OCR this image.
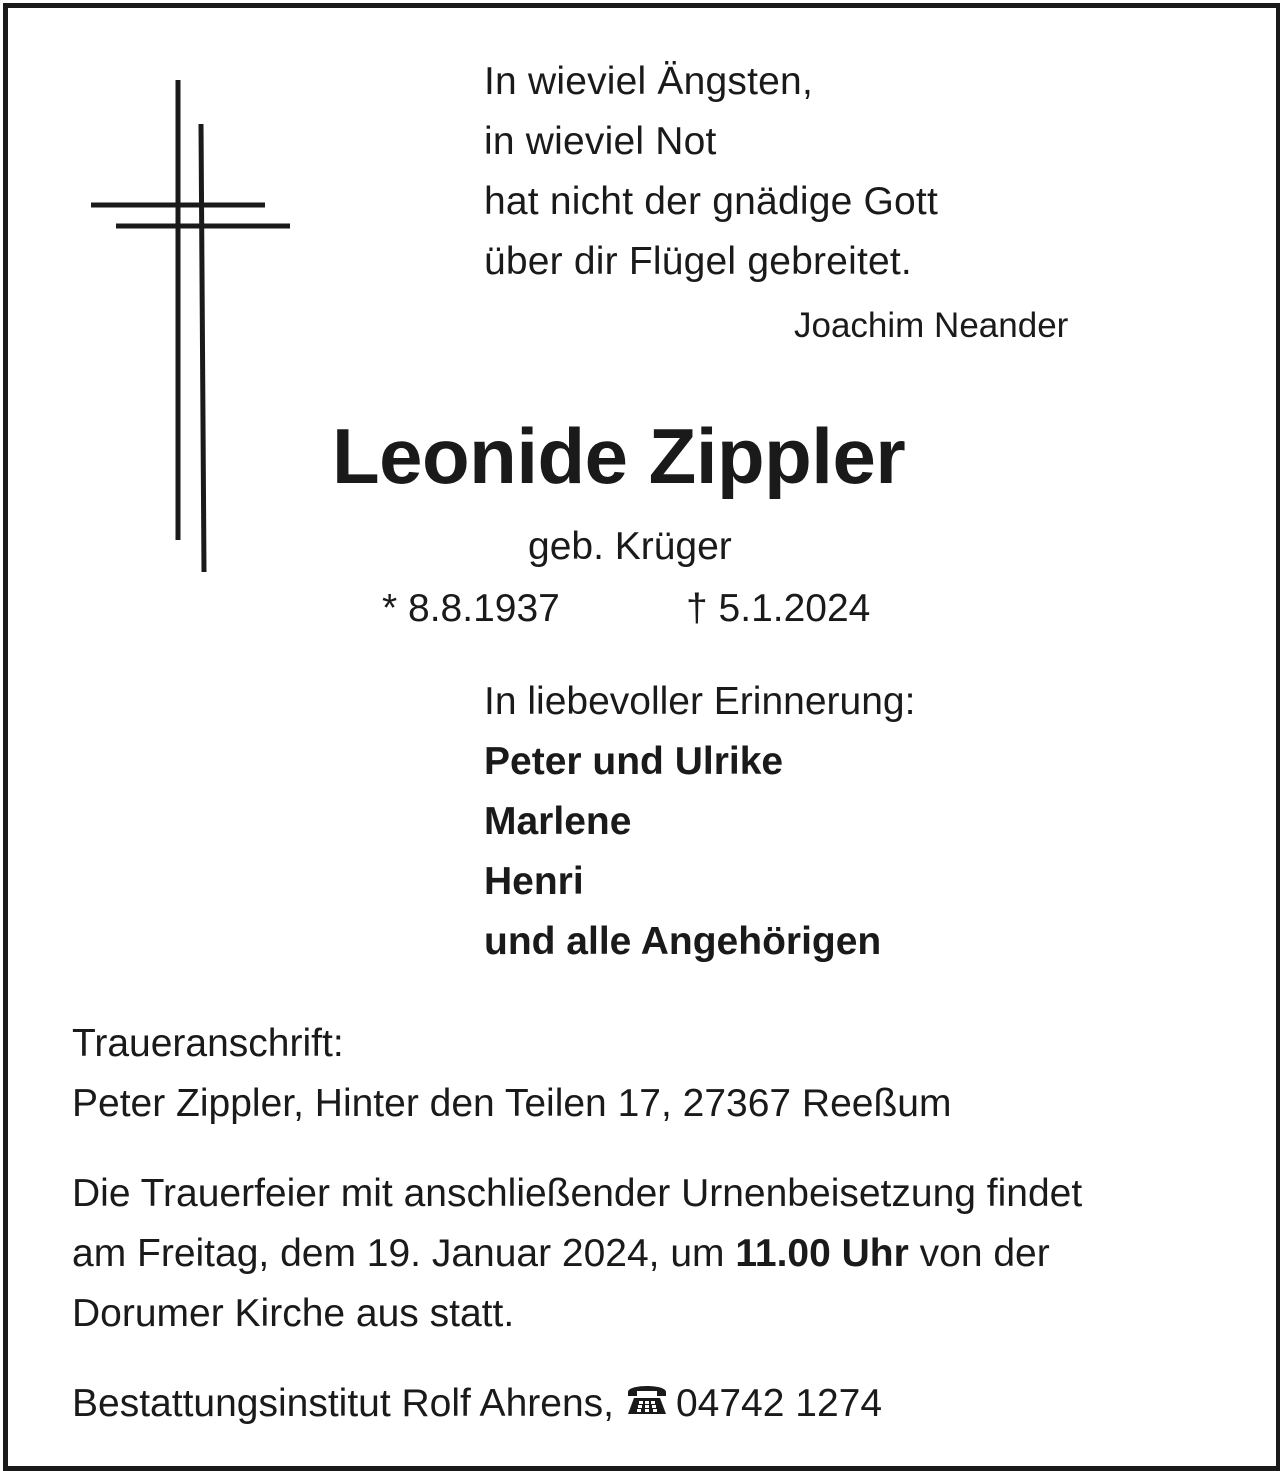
In wieviel Ängsten,
in wieviel Not
hat nicht der gnädige Gott
über dir Flügel gebreitet.
Joachim Neander
Leonide Zippler
geb. Krüger
* 8.8.1937	† 5.1.2024
In liebevoller Erinnerung:
Peter und Ulrike
Marlene
Henri
und alle Angehörigen
Traueranschrift:
Peter Zippler, Hinter den Teilen 17, 27367 Reeßum
Die Trauerfeier mit anschließender Urnenbeisetzung findet
am Freitag, dem 19. Januar 2024, um 11.00 Uhr von der
Dorumer Kirche aus statt.
Bestattungsinstitut Rolf Ahrens, 04742 1274
